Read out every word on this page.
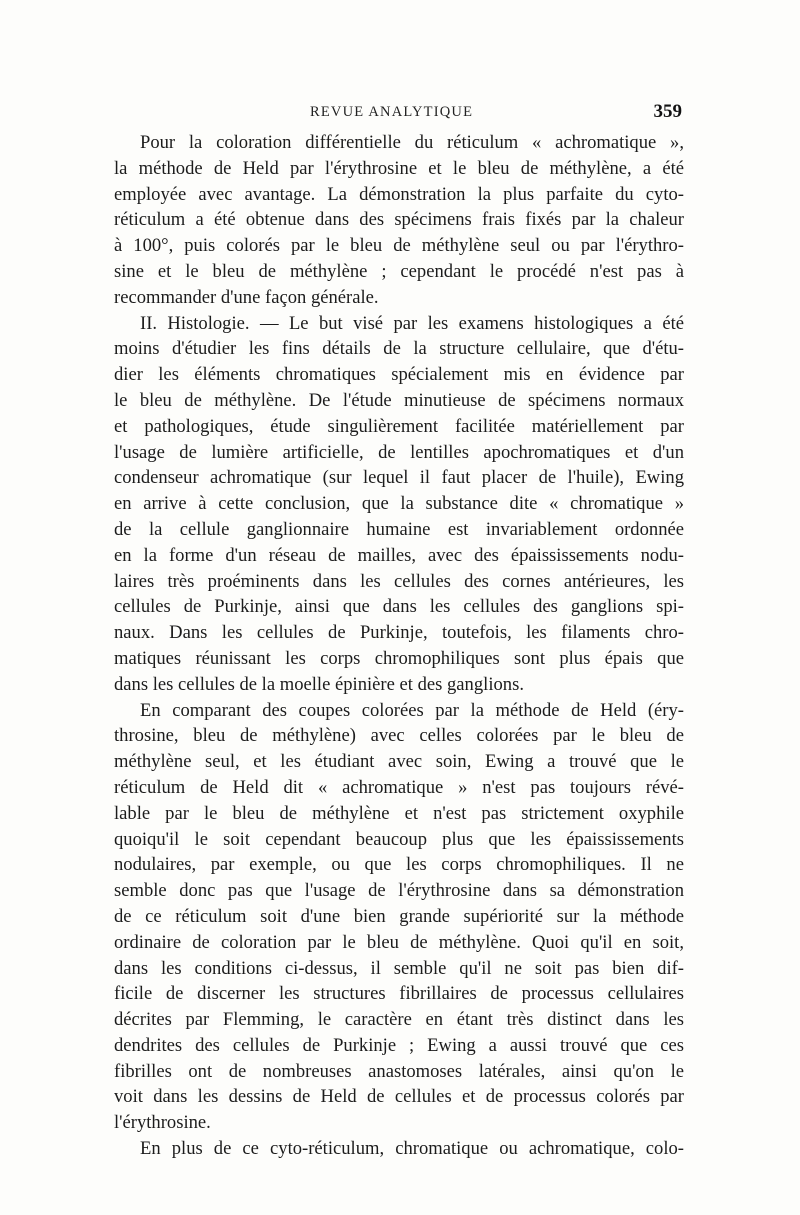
REVUE ANALYTIQUE	359
Pour la coloration différentielle du réticulum « achromatique »,
la méthode de Held par l'érythrosine et le bleu de méthylène, a été
employée avec avantage. La démonstration la plus parfaite du cyto-
réticulum a été obtenue dans des spécimens frais fixés par la chaleur
à 100°, puis colorés par le bleu de méthylène seul ou par l'érythro-
sine et le bleu de méthylène ; cependant le procédé n'est pas à
recommander d'une façon générale.
II. Histologie. — Le but visé par les examens histologiques a été
moins d'étudier les fins détails de la structure cellulaire, que d'étu-
dier les éléments chromatiques spécialement mis en évidence par
le bleu de méthylène. De l'étude minutieuse de spécimens normaux
et pathologiques, étude singulièrement facilitée matériellement par
l'usage de lumière artificielle, de lentilles apochromatiques et d'un
condenseur achromatique (sur lequel il faut placer de l'huile), Ewing
en arrive à cette conclusion, que la substance dite « chromatique »
de la cellule ganglionnaire humaine est invariablement ordonnée
en la forme d'un réseau de mailles, avec des épaississements nodu-
laires très proéminents dans les cellules des cornes antérieures, les
cellules de Purkinje, ainsi que dans les cellules des ganglions spi-
naux. Dans les cellules de Purkinje, toutefois, les filaments chro-
matiques réunissant les corps chromophiliques sont plus épais que
dans les cellules de la moelle épinière et des ganglions.
En comparant des coupes colorées par la méthode de Held (éry-
throsine, bleu de méthylène) avec celles colorées par le bleu de
méthylène seul, et les étudiant avec soin, Ewing a trouvé que le
réticulum de Held dit « achromatique » n'est pas toujours révé-
lable par le bleu de méthylène et n'est pas strictement oxyphile
quoiqu'il le soit cependant beaucoup plus que les épaississements
nodulaires, par exemple, ou que les corps chromophiliques. Il ne
semble donc pas que l'usage de l'érythrosine dans sa démonstration
de ce réticulum soit d'une bien grande supériorité sur la méthode
ordinaire de coloration par le bleu de méthylène. Quoi qu'il en soit,
dans les conditions ci-dessus, il semble qu'il ne soit pas bien dif-
ficile de discerner les structures fibrillaires de processus cellulaires
décrites par Flemming, le caractère en étant très distinct dans les
dendrites des cellules de Purkinje ; Ewing a aussi trouvé que ces
fibrilles ont de nombreuses anastomoses latérales, ainsi qu'on le
voit dans les dessins de Held de cellules et de processus colorés par
l'érythrosine.
En plus de ce cyto-réticulum, chromatique ou achromatique, colo-
